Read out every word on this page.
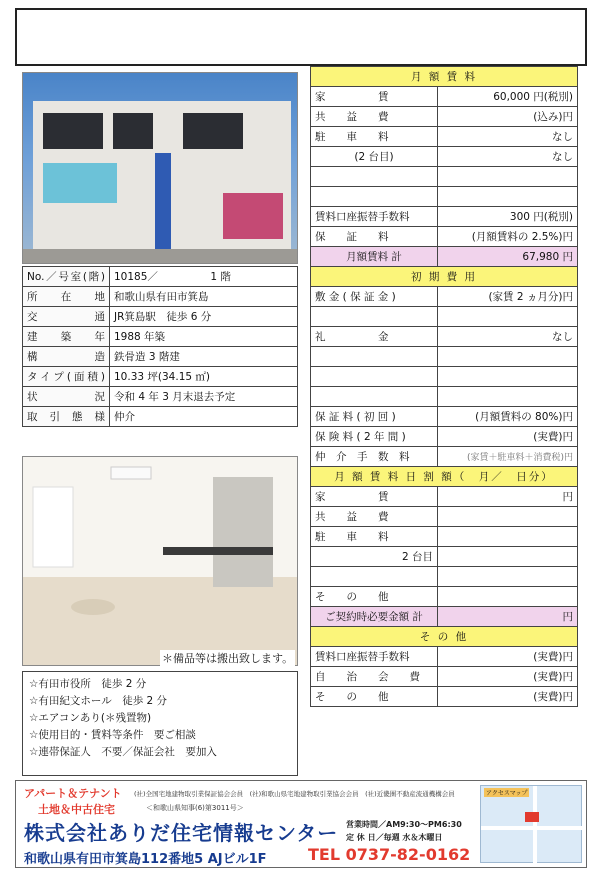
No.／号室(階)	10185／　　　　　1 階
所　在　地	和歌山県有田市箕島
交　　　通	JR箕島駅　徒歩 6 分
建　築　年	1988 年築
構　　　造	鉄骨造 3 階建
タイプ(面積)	10.33 坪(34.15 ㎡)
状　　　況	令和 4 年 3 月末退去予定
取 引 態 様	仲介
＊備品等は搬出致します。
☆有田市役所　徒歩 2 分
☆有田紀文ホール　徒歩 2 分
☆エアコンあり(＊残置物)
☆使用目的・賃料等条件　要ご相談
☆連帯保証人　不要／保証会社　要加入
月 額 賃 料	
家　　　　　賃	60,000 円(税別)
共　　益　　費	(込み)円
駐　　車　　料	なし
(2 台目)	なし

賃料口座振替手数料	300 円(税別)
保　　証　　料	(月額賃料の 2.5%)円
月額賃料 計	67,980 円
初 期 費 用	
敷 金 ( 保 証 金 )	(家賃 2 ヵ月分)円

礼　　　　　金	なし

保 証 料 ( 初 回 )	(月額賃料の 80%)円
保 険 料 ( 2 年 間 )	(実費)円
仲　介　手　数　料	(家賃＋駐車料＋消費税)円
月 額 賃 料 日 割 額（　月／　日分）	
家　　　　　賃	円
共　　益　　費	
駐　　車　　料	
2 台目	

そ　　の　　他	
ご契約時必要金額 計	円
そ の 他	
賃料口座振替手数料	(実費)円
自　　治　　会　　費	(実費)円
そ　　の　　他	(実費)円
アパート＆テナント
土地＆中古住宅
(社)全国宅地建物取引業保証協会会員　(社)和歌山県宅地建物取引業協会会員　(社)近畿圏不動産流通機構会員
＜和歌山県知事(6)第3011号＞
株式会社ありだ住宅情報センター 営業時間／AM9:30〜PM6:30
定 休 日／毎週 水＆木曜日
和歌山県有田市箕島112番地5 AJビル1F	TEL 0737-82-0162
アクセスマップ
